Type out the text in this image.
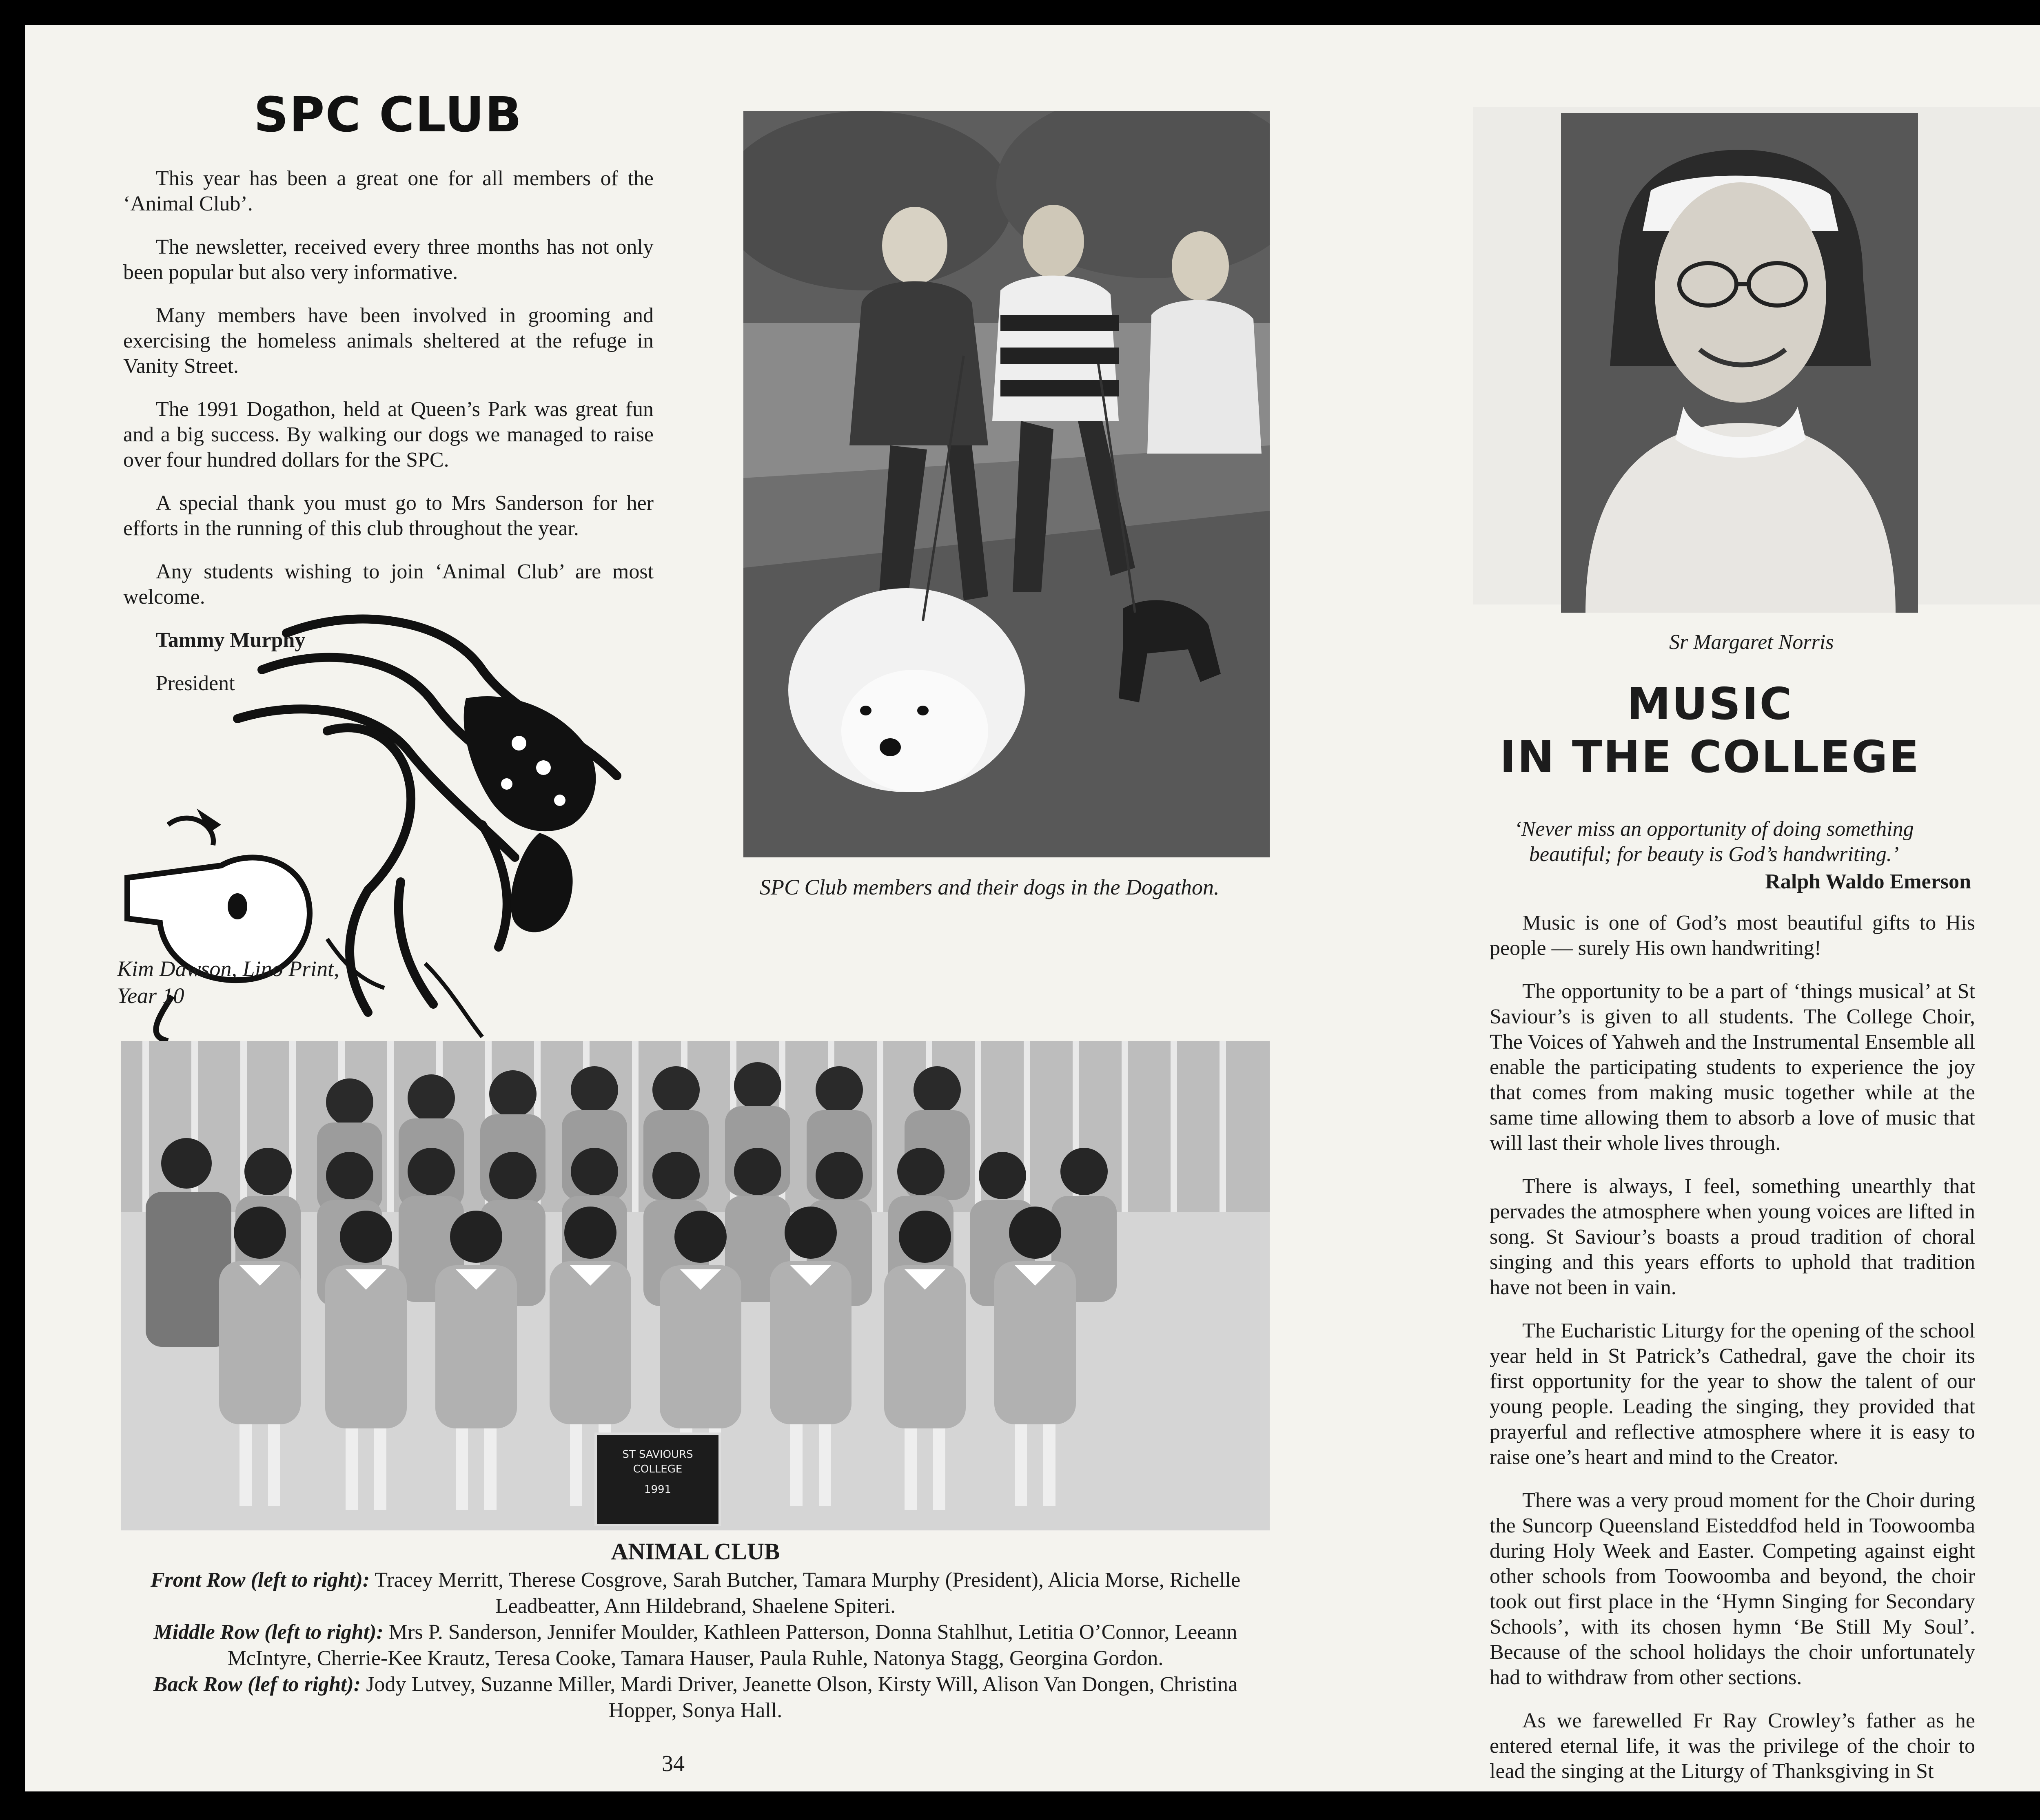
SPC CLUB

This year has been a great one for all members of the ‘Animal Club’.

The newsletter, received every three months has not only been popular but also very informative.

Many members have been involved in grooming and exercising the homeless animals sheltered at the refuge in Vanity Street.

The 1991 Dogathon, held at Queen’s Park was great fun and a big success. By walking our dogs we managed to raise over four hundred dollars for the SPC.

A special thank you must go to Mrs Sanderson for her efforts in the running of this club throughout the year.

Any students wishing to join ‘Animal Club’ are most welcome.

Tammy Murphy

President

Kim Dawson, Lino Print,
Year 10

SPC Club members and their dogs in the Dogathon.

ST SAVIOURS
COLLEGE
1991
ANIMAL CLUB

Front Row (left to right): Tracey Merritt, Therese Cosgrove, Sarah Butcher, Tamara Murphy (President), Alicia Morse, Richelle Leadbeatter, Ann Hildebrand, Shaelene Spiteri.
Middle Row (left to right): Mrs P. Sanderson, Jennifer Moulder, Kathleen Patterson, Donna Stahlhut, Letitia O’Connor, Leeann McIntyre, Cherrie-Kee Krautz, Teresa Cooke, Tamara Hauser, Paula Ruhle, Natonya Stagg, Georgina Gordon.
Back Row (lef to right): Jody Lutvey, Suzanne Miller, Mardi Driver, Jeanette Olson, Kirsty Will, Alison Van Dongen, Christina Hopper, Sonya Hall.

34

Sr Margaret Norris

MUSIC
IN THE COLLEGE

‘Never miss an opportunity of doing something beautiful; for beauty is God’s handwriting.’

Ralph Waldo Emerson

Music is one of God’s most beautiful gifts to His people — surely His own handwriting!

The opportunity to be a part of ‘things musical’ at St Saviour’s is given to all students. The College Choir, The Voices of Yahweh and the Instrumental Ensemble all enable the participating students to experience the joy that comes from making music together while at the same time allowing them to absorb a love of music that will last their whole lives through.

There is always, I feel, something unearthly that pervades the atmosphere when young voices are lifted in song. St Saviour’s boasts a proud tradition of choral singing and this years efforts to uphold that tradition have not been in vain.

The Eucharistic Liturgy for the opening of the school year held in St Patrick’s Cathedral, gave the choir its first opportunity for the year to show the talent of our young people. Leading the singing, they provided that prayerful and reflective atmosphere where it is easy to raise one’s heart and mind to the Creator.

There was a very proud moment for the Choir during the Suncorp Queensland Eisteddfod held in Toowoomba during Holy Week and Easter. Competing against eight other schools from Toowoomba and beyond, the choir took out first place in the ‘Hymn Singing for Secondary Schools’, with its chosen hymn ‘Be Still My Soul’. Because of the school holidays the choir unfortunately had to withdraw from other sections.

As we farewelled Fr Ray Crowley’s father as he entered eternal life, it was the privilege of the choir to lead the singing at the Liturgy of Thanksgiving in St
